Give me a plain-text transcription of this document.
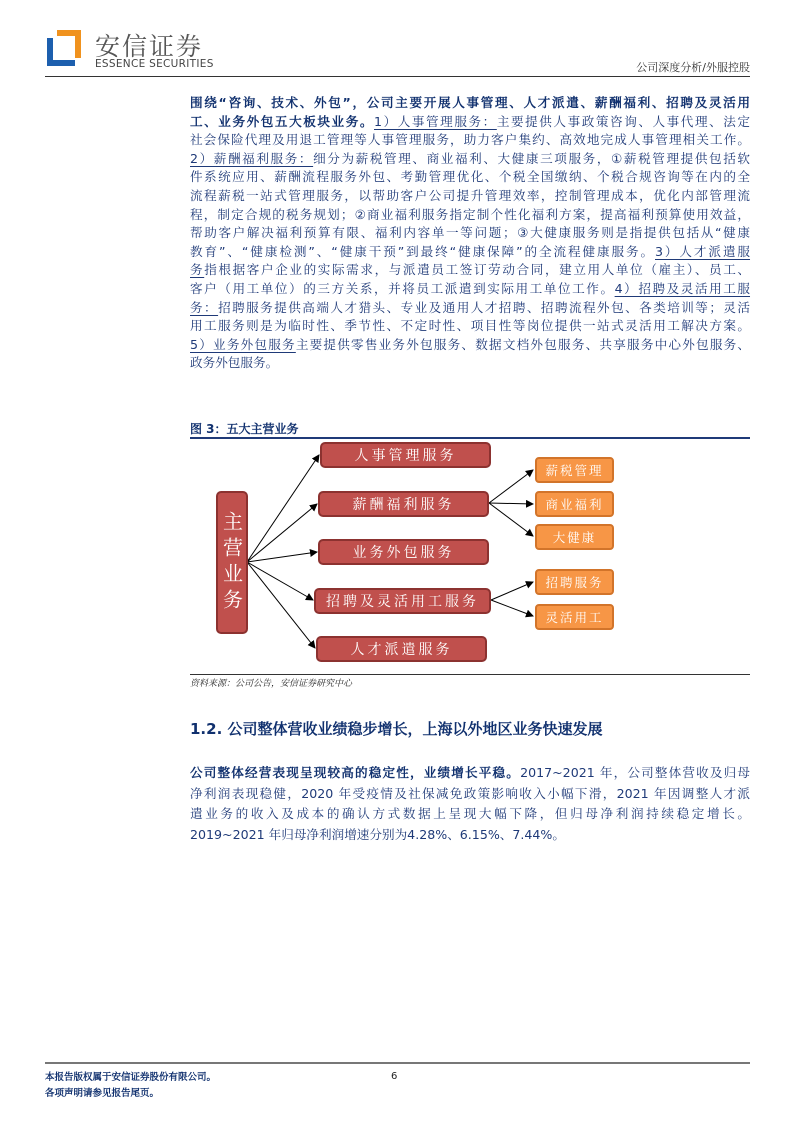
安信证券
ESSENCE SECURITIES	公司深度分析/外服控股
围绕“咨询、技术、外包”，公司主要开展人事管理、人才派遣、薪酬福利、招聘及灵活用
工、业务外包五大板块业务。1）人事管理服务：主要提供人事政策咨询、人事代理、法定
社会保险代理及用退工管理等人事管理服务，助力客户集约、高效地完成人事管理相关工作。
2）薪酬福利服务：细分为薪税管理、商业福利、大健康三项服务，①薪税管理提供包括软
件系统应用、薪酬流程服务外包、考勤管理优化、个税全国缴纳、个税合规咨询等在内的全
流程薪税一站式管理服务，以帮助客户公司提升管理效率，控制管理成本，优化内部管理流
程，制定合规的税务规划；②商业福利服务指定制个性化福利方案，提高福利预算使用效益，
帮助客户解决福利预算有限、福利内容单一等问题；③大健康服务则是指提供包括从“健康
教育”、“健康检测”、“健康干预”到最终“健康保障”的全流程健康服务。3）人才派遣服
务指根据客户企业的实际需求，与派遣员工签订劳动合同，建立用人单位（雇主）、员工、
客户（用工单位）的三方关系，并将员工派遣到实际用工单位工作。4）招聘及灵活用工服
务：招聘服务提供高端人才猎头、专业及通用人才招聘、招聘流程外包、各类培训等；灵活
用工服务则是为临时性、季节性、不定时性、项目性等岗位提供一站式灵活用工解决方案。
5）业务外包服务主要提供零售业务外包服务、数据文档外包服务、共享服务中心外包服务、
政务外包服务。
图 3：五大主营业务
主营业务
人事管理服务
薪酬福利服务
业务外包服务
招聘及灵活用工服务
人才派遣服务
薪税管理
商业福利
大健康
招聘服务
灵活用工
资料来源：公司公告，安信证券研究中心
1.2. 公司整体营收业绩稳步增长，上海以外地区业务快速发展
公司整体经营表现呈现较高的稳定性，业绩增长平稳。2017~2021 年，公司整体营收及归母
净利润表现稳健，2020 年受疫情及社保减免政策影响收入小幅下滑，2021 年因调整人才派
遣业务的收入及成本的确认方式数据上呈现大幅下降，但归母净利润持续稳定增长。
2019~2021 年归母净利润增速分别为4.28%、6.15%、7.44%。
本报告版权属于安信证券股份有限公司。
各项声明请参见报告尾页。
6
